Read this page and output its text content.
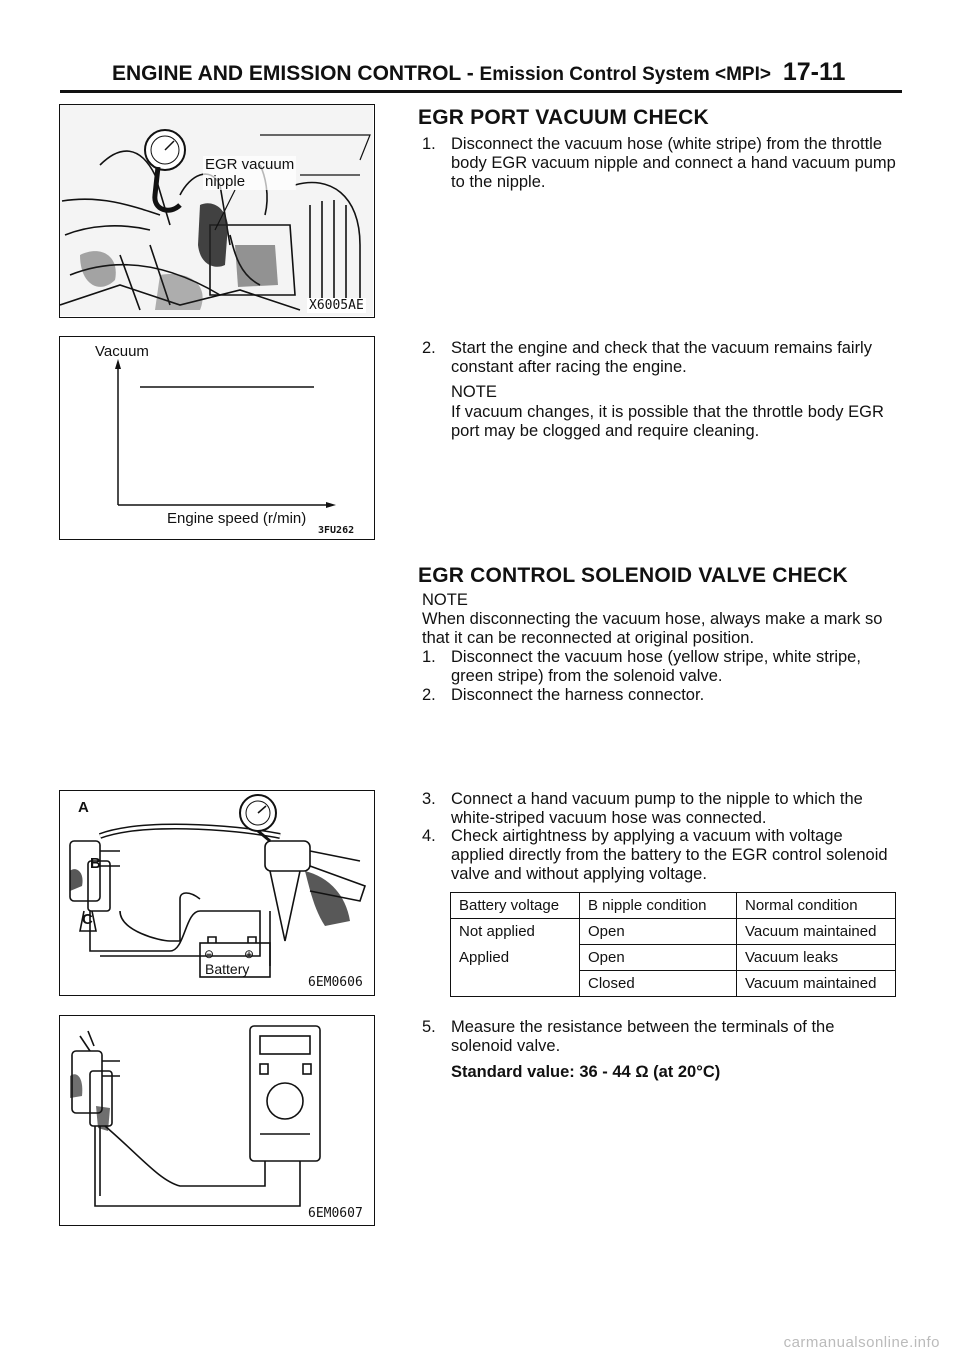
ENGINE AND EMISSION CONTROL - Emission Control System <MPI> 17-11
EGR vacuum
nipple
X6005AE
Vacuum
Engine speed (r/min)
3FU262
EGR PORT VACUUM CHECK
1. Disconnect the vacuum hose (white stripe) from the throttle body EGR vacuum nipple and connect a hand vacuum pump to the nipple.
2. Start the engine and check that the vacuum remains fairly constant after racing the engine.
NOTE
If vacuum changes, it is possible that the throttle body EGR port may be clogged and require cleaning.
EGR CONTROL SOLENOID VALVE CHECK
NOTE
When disconnecting the vacuum hose, always make a mark so that it can be reconnected at original position.
1. Disconnect the vacuum hose (yellow stripe, white stripe, green stripe) from the solenoid valve.
2. Disconnect the harness connector.
A
B
C
⊖ ⊕
Battery
6EM0606
3. Connect a hand vacuum pump to the nipple to which the white-striped vacuum hose was connected.
4. Check airtightness by applying a vacuum with voltage applied directly from the battery to the EGR control solenoid valve and without applying voltage.
Battery voltage	B nipple condition	Normal condition
Not applied	Open	Vacuum maintained
Applied	Open	Vacuum leaks
	Closed	Vacuum maintained
6EM0607
5. Measure the resistance between the terminals of the solenoid valve.
Standard value: 36 - 44 Ω (at 20°C)
carmanualsonline.info
